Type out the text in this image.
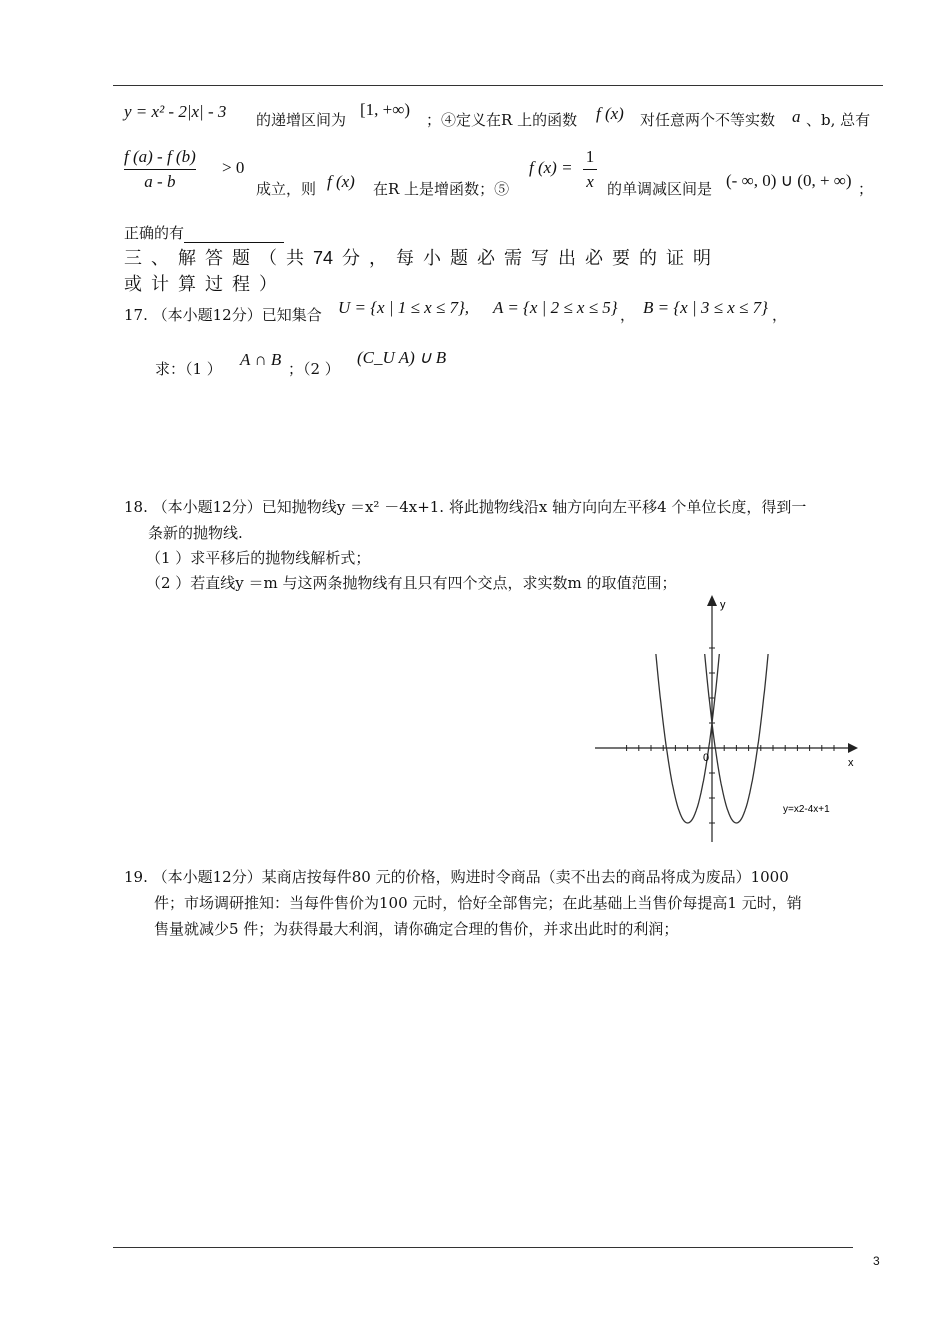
y = x² - 2|x| - 3 的递增区间为
[1, +∞)
；④定义在R 上的函数 f (x) 对任意两个不等实数 a 、b, 总有
f (a) - f (b)
a - b
> 0
成立，则 f (x) 在R 上是增函数；⑤
f (x) =
1
x 的单调减区间是 (- ∞, 0) ∪ (0, + ∞) ；
正确的有
三 、 解 答 题 （ 共 74 分 ， 每 小 题 必 需 写 出 必 要 的 证 明
或 计 算 过 程 ）
17. （本小题12分）已知集合 U = {x | 1 ≤ x ≤ 7}, A = {x | 2 ≤ x ≤ 5} ， B = {x | 3 ≤ x ≤ 7} ，
求：（1 ） A ∩ B ；（2 ）
(C_U A) ∪ B
18. （本小题12分）已知抛物线y ＝x² －4x+1. 将此抛物线沿x 轴方向向左平移4 个单位长度，得到一
条新的抛物线.
（1 ）求平移后的抛物线解析式；
（2 ）若直线y ＝m 与这两条抛物线有且只有四个交点，求实数m 的取值范围；
y
x
0
y=x2-4x+1
19. （本小题12分）某商店按每件80 元的价格，购进时令商品（卖不出去的商品将成为废品）1000
件；市场调研推知：当每件售价为100 元时，恰好全部售完；在此基础上当售价每提高1 元时，销
售量就减少5 件；为获得最大利润，请你确定合理的售价，并求出此时的利润；
3
